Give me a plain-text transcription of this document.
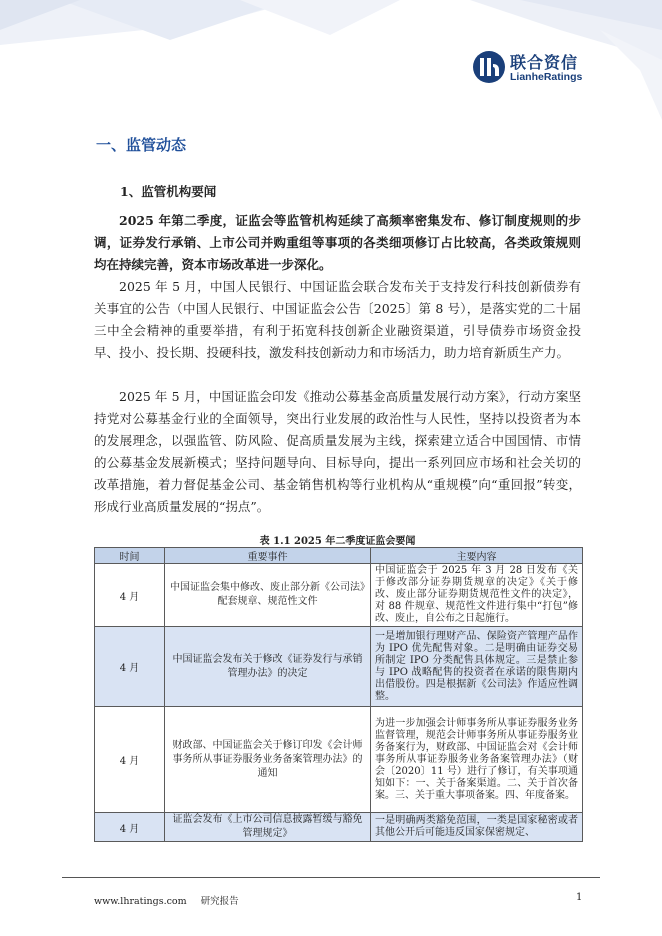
联合资信
LianheRatings
一、监管动态
1、监管机构要闻

2025 年第二季度，证监会等监管机构延续了高频率密集发布、修订制度规则的步调，证券发行承销、上市公司并购重组等事项的各类细项修订占比较高，各类政策规则均在持续完善，资本市场改革进一步深化。

2025 年 5 月，中国人民银行、中国证监会联合发布关于支持发行科技创新债券有关事宜的公告（中国人民银行、中国证监会公告〔2025〕第 8 号），是落实党的二十届三中全会精神的重要举措，有利于拓宽科技创新企业融资渠道，引导债券市场资金投早、投小、投长期、投硬科技，激发科技创新动力和市场活力，助力培育新质生产力。

2025 年 5 月，中国证监会印发《推动公募基金高质量发展行动方案》，行动方案坚持党对公募基金行业的全面领导，突出行业发展的政治性与人民性，坚持以投资者为本的发展理念，以强监管、防风险、促高质量发展为主线，探索建立适合中国国情、市情的公募基金发展新模式；坚持问题导向、目标导向，提出一系列回应市场和社会关切的改革措施，着力督促基金公司、基金销售机构等行业机构从“重规模”向“重回报”转变，形成行业高质量发展的“拐点”。

表 1.1 2025 年二季度证监会要闻
时间	重要事件	主要内容
4 月	中国证监会集中修改、废止部分新《公司法》配套规章、规范性文件	中国证监会于 2025 年 3 月 28 日发布《关于修改部分证券期货规章的决定》《关于修改、废止部分证券期货规范性文件的决定》，对 88 件规章、规范性文件进行集中“打包”修改、废止，自公布之日起施行。
4 月	中国证监会发布关于修改《证券发行与承销管理办法》的决定	一是增加银行理财产品、保险资产管理产品作为 IPO 优先配售对象。二是明确由证券交易所制定 IPO 分类配售具体规定。三是禁止参与 IPO 战略配售的投资者在承诺的限售期内出借股份。四是根据新《公司法》作适应性调整。
4 月	财政部、中国证监会关于修订印发《会计师事务所从事证券服务业务备案管理办法》的通知	为进一步加强会计师事务所从事证券服务业务监督管理，规范会计师事务所从事证券服务业务备案行为，财政部、中国证监会对《会计师事务所从事证券服务业务备案管理办法》（财会〔2020〕11 号）进行了修订，有关事项通知如下：一、关于备案渠道。二、关于首次备案。三、关于重大事项备案。四、年度备案。
4 月	证监会发布《上市公司信息披露暂缓与豁免管理规定》	一是明确两类豁免范围，一类是国家秘密或者其他公开后可能违反国家保密规定、
www.lhratings.com 研究报告	1
